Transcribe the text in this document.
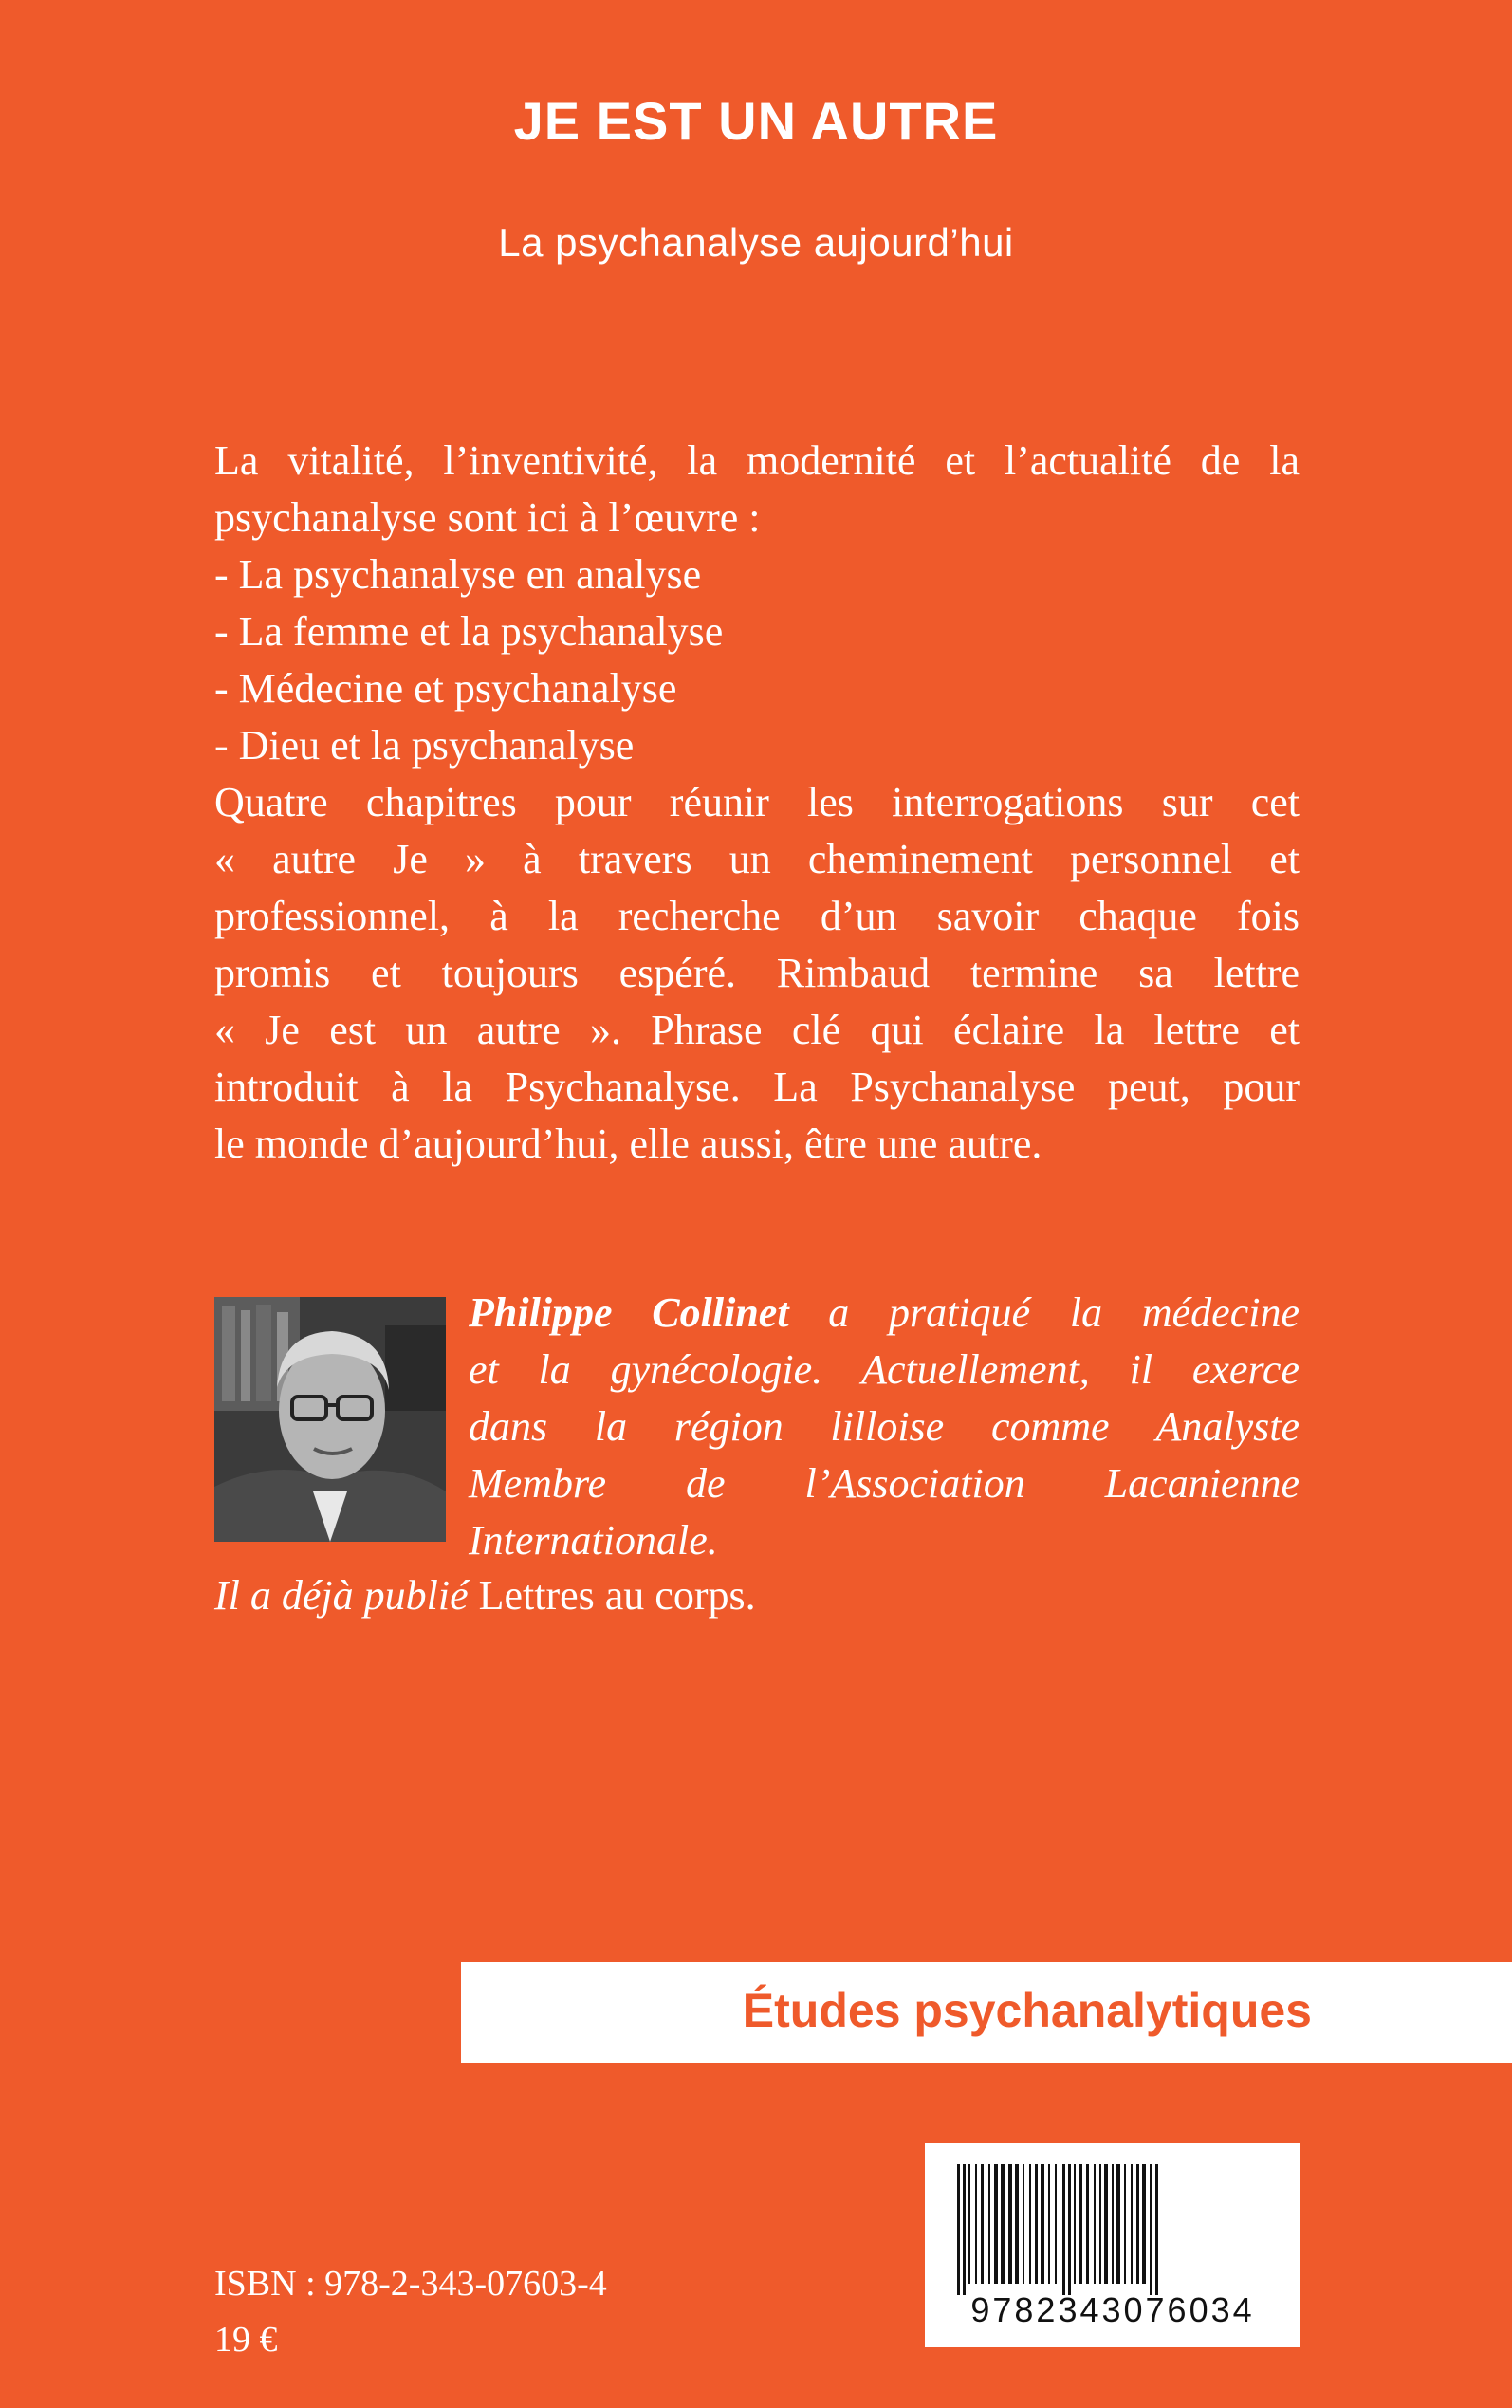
JE EST UN AUTRE
La psychanalyse aujourd’hui
La vitalité, l’inventivité, la modernité et l’actualité de la
psychanalyse sont ici à l’œuvre :
- La psychanalyse en analyse
- La femme et la psychanalyse
- Médecine et psychanalyse
- Dieu et la psychanalyse
Quatre chapitres pour réunir les interrogations sur cet
« autre Je » à travers un cheminement personnel et
professionnel, à la recherche d’un savoir chaque fois
promis et toujours espéré. Rimbaud termine sa lettre
« Je est un autre ». Phrase clé qui éclaire la lettre et
introduit à la Psychanalyse. La Psychanalyse peut, pour
le monde d’aujourd’hui, elle aussi, être une autre.
Philippe Collinet a pratiqué la médecine
et la gynécologie. Actuellement, il exerce
dans la région lilloise comme Analyste
Membre de l’Association Lacanienne
Internationale.
Il a déjà publié Lettres au corps.
Études psychanalytiques
9782343076034
ISBN : 978-2-343-07603-4
19 €
